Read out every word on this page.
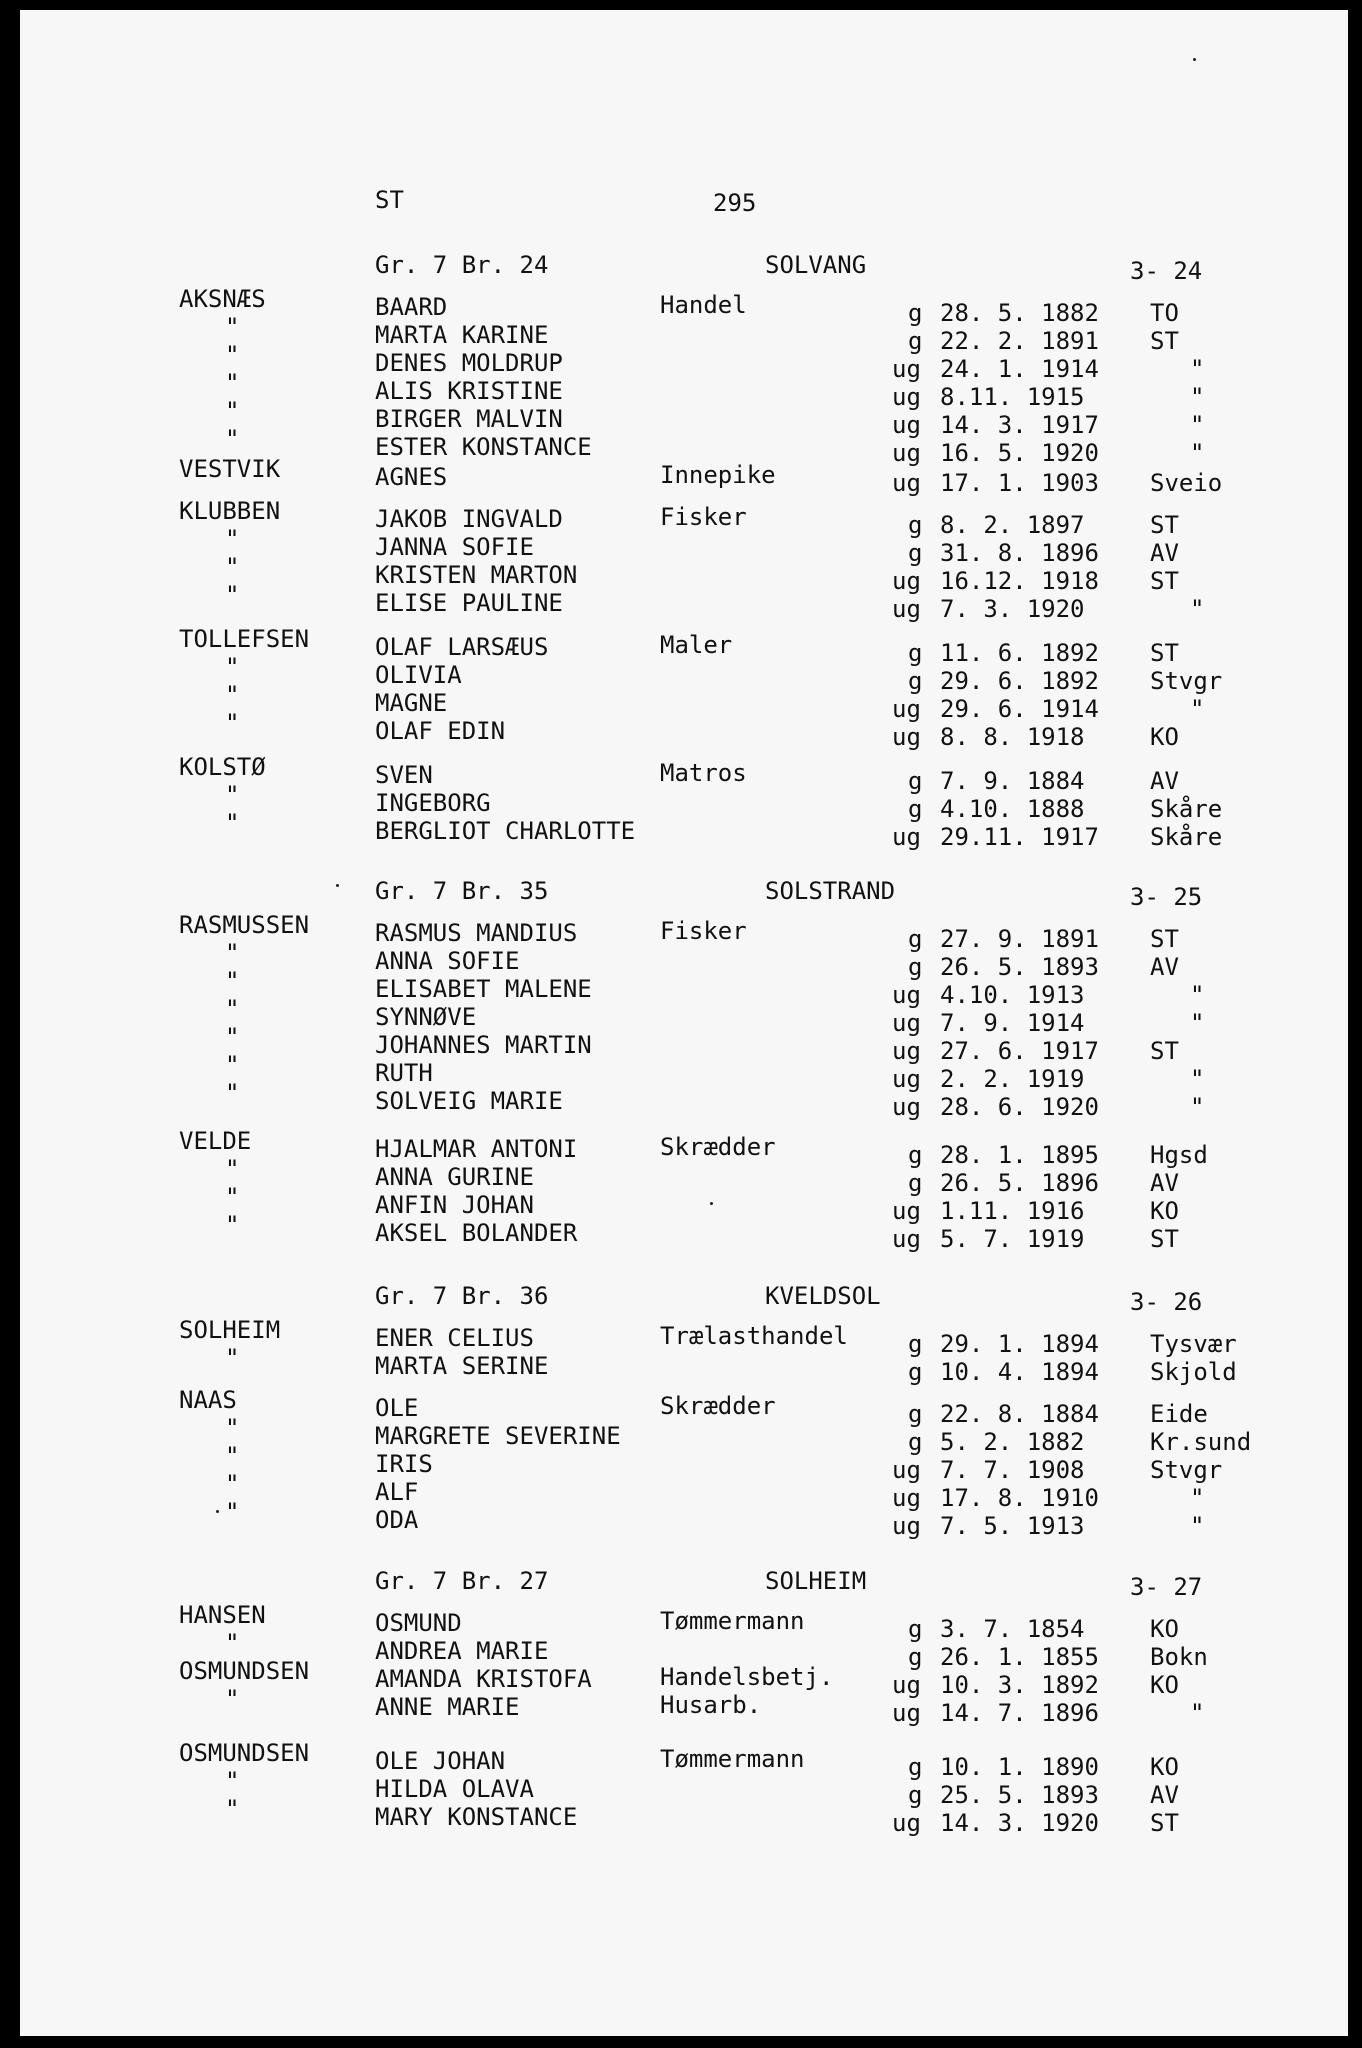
ST	295
Gr. 7 Br. 24	SOLVANG	3- 24
AKSNÆS	BAARD	Handel	g 28. 5. 1882 TO
"	MARTA KARINE	g 22. 2. 1891 ST
"	DENES MOLDRUP	ug 24. 1. 1914	"
"	ALIS KRISTINE	ug 8.11. 1915	"
"	BIRGER MALVIN	ug 14. 3. 1917	"
"	ESTER KONSTANCE	ug 16. 5. 1920	"
VESTVIK	AGNES	Innepike	ug 17. 1. 1903 Sveio
KLUBBEN	JAKOB INGVALD	Fisker	g 8. 2. 1897	ST
"	JANNA SOFIE	g 31. 8. 1896 AV
"	KRISTEN MARTON	ug 16.12. 1918 ST
"	ELISE PAULINE	ug 7. 3. 1920	"
TOLLEFSEN	OLAF LARSÆUS	Maler	g 11. 6. 1892 ST
"	OLIVIA	g 29. 6. 1892 Stvgr
"	MAGNE	ug 29. 6. 1914	"
"	OLAF EDIN	ug 8. 8. 1918	KO
KOLSTØ	SVEN	Matros	g 7. 9. 1884	AV
"	INGEBORG	g 4.10. 1888	Skåre
"	BERGLIOT CHARLOTTE	ug 29.11. 1917 Skåre
Gr. 7 Br. 35	SOLSTRAND	3- 25
RASMUSSEN	RASMUS MANDIUS	Fisker	g 27. 9. 1891 ST
"	ANNA SOFIE	g 26. 5. 1893 AV
"	ELISABET MALENE	ug 4.10. 1913	"
"	SYNNØVE	ug 7. 9. 1914	"
"	JOHANNES MARTIN	ug 27. 6. 1917 ST
"	RUTH	ug 2. 2. 1919	"
"	SOLVEIG MARIE	ug 28. 6. 1920	"
VELDE	HJALMAR ANTONI	Skrædder	g 28. 1. 1895 Hgsd
"	ANNA GURINE	g 26. 5. 1896 AV
"	ANFIN JOHAN	ug 1.11. 1916	KO
"	AKSEL BOLANDER	ug 5. 7. 1919	ST
Gr. 7 Br. 36	KVELDSOL	3- 26
SOLHEIM	ENER CELIUS	Trælasthandel	g 29. 1. 1894 Tysvær
"	MARTA SERINE	g 10. 4. 1894 Skjold
NAAS	OLE	Skrædder	g 22. 8. 1884 Eide
"	MARGRETE SEVERINE	g 5. 2. 1882	Kr.sund
"	IRIS	ug 7. 7. 1908	Stvgr
"	ALF	ug 17. 8. 1910	"
"	ODA	ug 7. 5. 1913	"
Gr. 7 Br. 27	SOLHEIM	3- 27
HANSEN	OSMUND	Tømmermann	g 3. 7. 1854	KO
"	ANDREA MARIE	g 26. 1. 1855 Bokn
OSMUNDSEN	AMANDA KRISTOFA	Handelsbetj. ug 10. 3. 1892 KO
"	ANNE MARIE	Husarb.	ug 14. 7. 1896	"
OSMUNDSEN	OLE JOHAN	Tømmermann	g 10. 1. 1890 KO
"	HILDA OLAVA	g 25. 5. 1893 AV
"	MARY KONSTANCE	ug 14. 3. 1920 ST
